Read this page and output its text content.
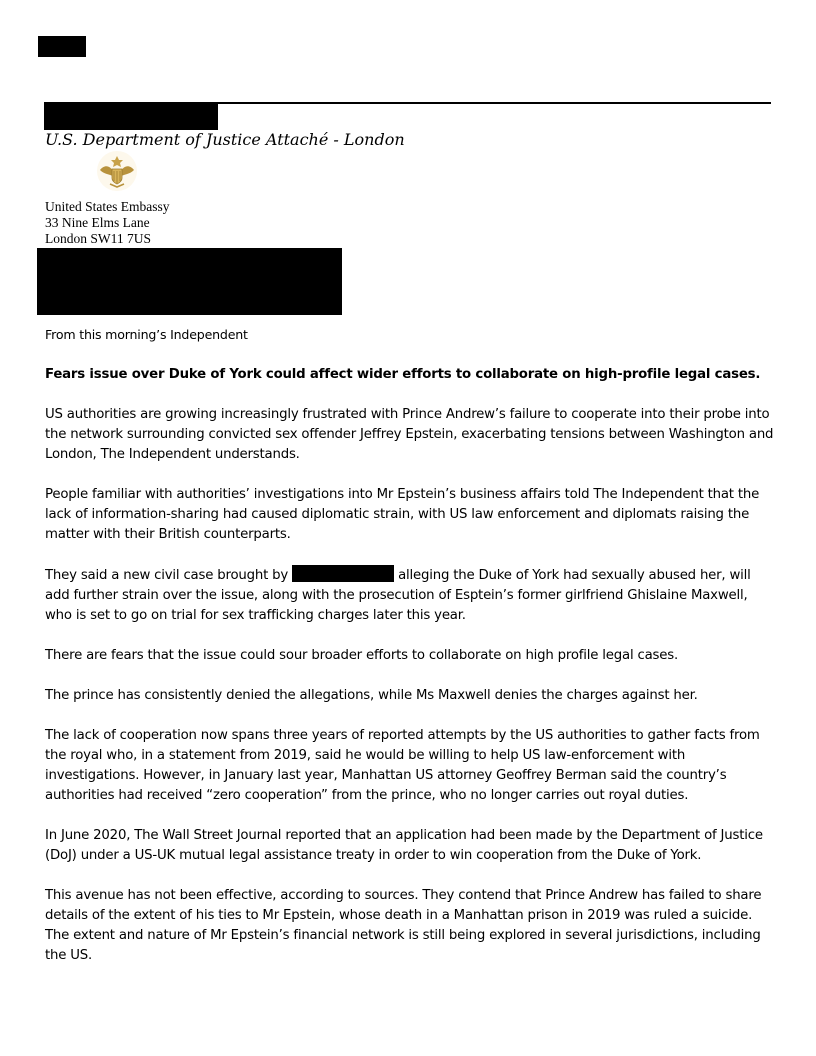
U.S. Department of Justice Attaché - London
United States Embassy
33 Nine Elms Lane
London SW11 7US

From this morning’s Independent

Fears issue over Duke of York could affect wider efforts to collaborate on high-profile legal cases.

US authorities are growing increasingly frustrated with Prince Andrew’s failure to cooperate into their probe into the network surrounding convicted sex offender Jeffrey Epstein, exacerbating tensions between Washington and London, The Independent understands.

People familiar with authorities’ investigations into Mr Epstein’s business affairs told The Independent that the lack of information-sharing had caused diplomatic strain, with US law enforcement and diplomats raising the matter with their British counterparts.

They said a new civil case brought by	alleging the Duke of York had sexually abused her, will add further strain over the issue, along with the prosecution of Esptein’s former girlfriend Ghislaine Maxwell, who is set to go on trial for sex trafficking charges later this year.

There are fears that the issue could sour broader efforts to collaborate on high profile legal cases.

The prince has consistently denied the allegations, while Ms Maxwell denies the charges against her.

The lack of cooperation now spans three years of reported attempts by the US authorities to gather facts from the royal who, in a statement from 2019, said he would be willing to help US law-enforcement with investigations. However, in January last year, Manhattan US attorney Geoffrey Berman said the country’s authorities had received “zero cooperation” from the prince, who no longer carries out royal duties.

In June 2020, The Wall Street Journal reported that an application had been made by the Department of Justice (DoJ) under a US-UK mutual legal assistance treaty in order to win cooperation from the Duke of York.

This avenue has not been effective, according to sources. They contend that Prince Andrew has failed to share details of the extent of his ties to Mr Epstein, whose death in a Manhattan prison in 2019 was ruled a suicide. The extent and nature of Mr Epstein’s financial network is still being explored in several jurisdictions, including the US.
